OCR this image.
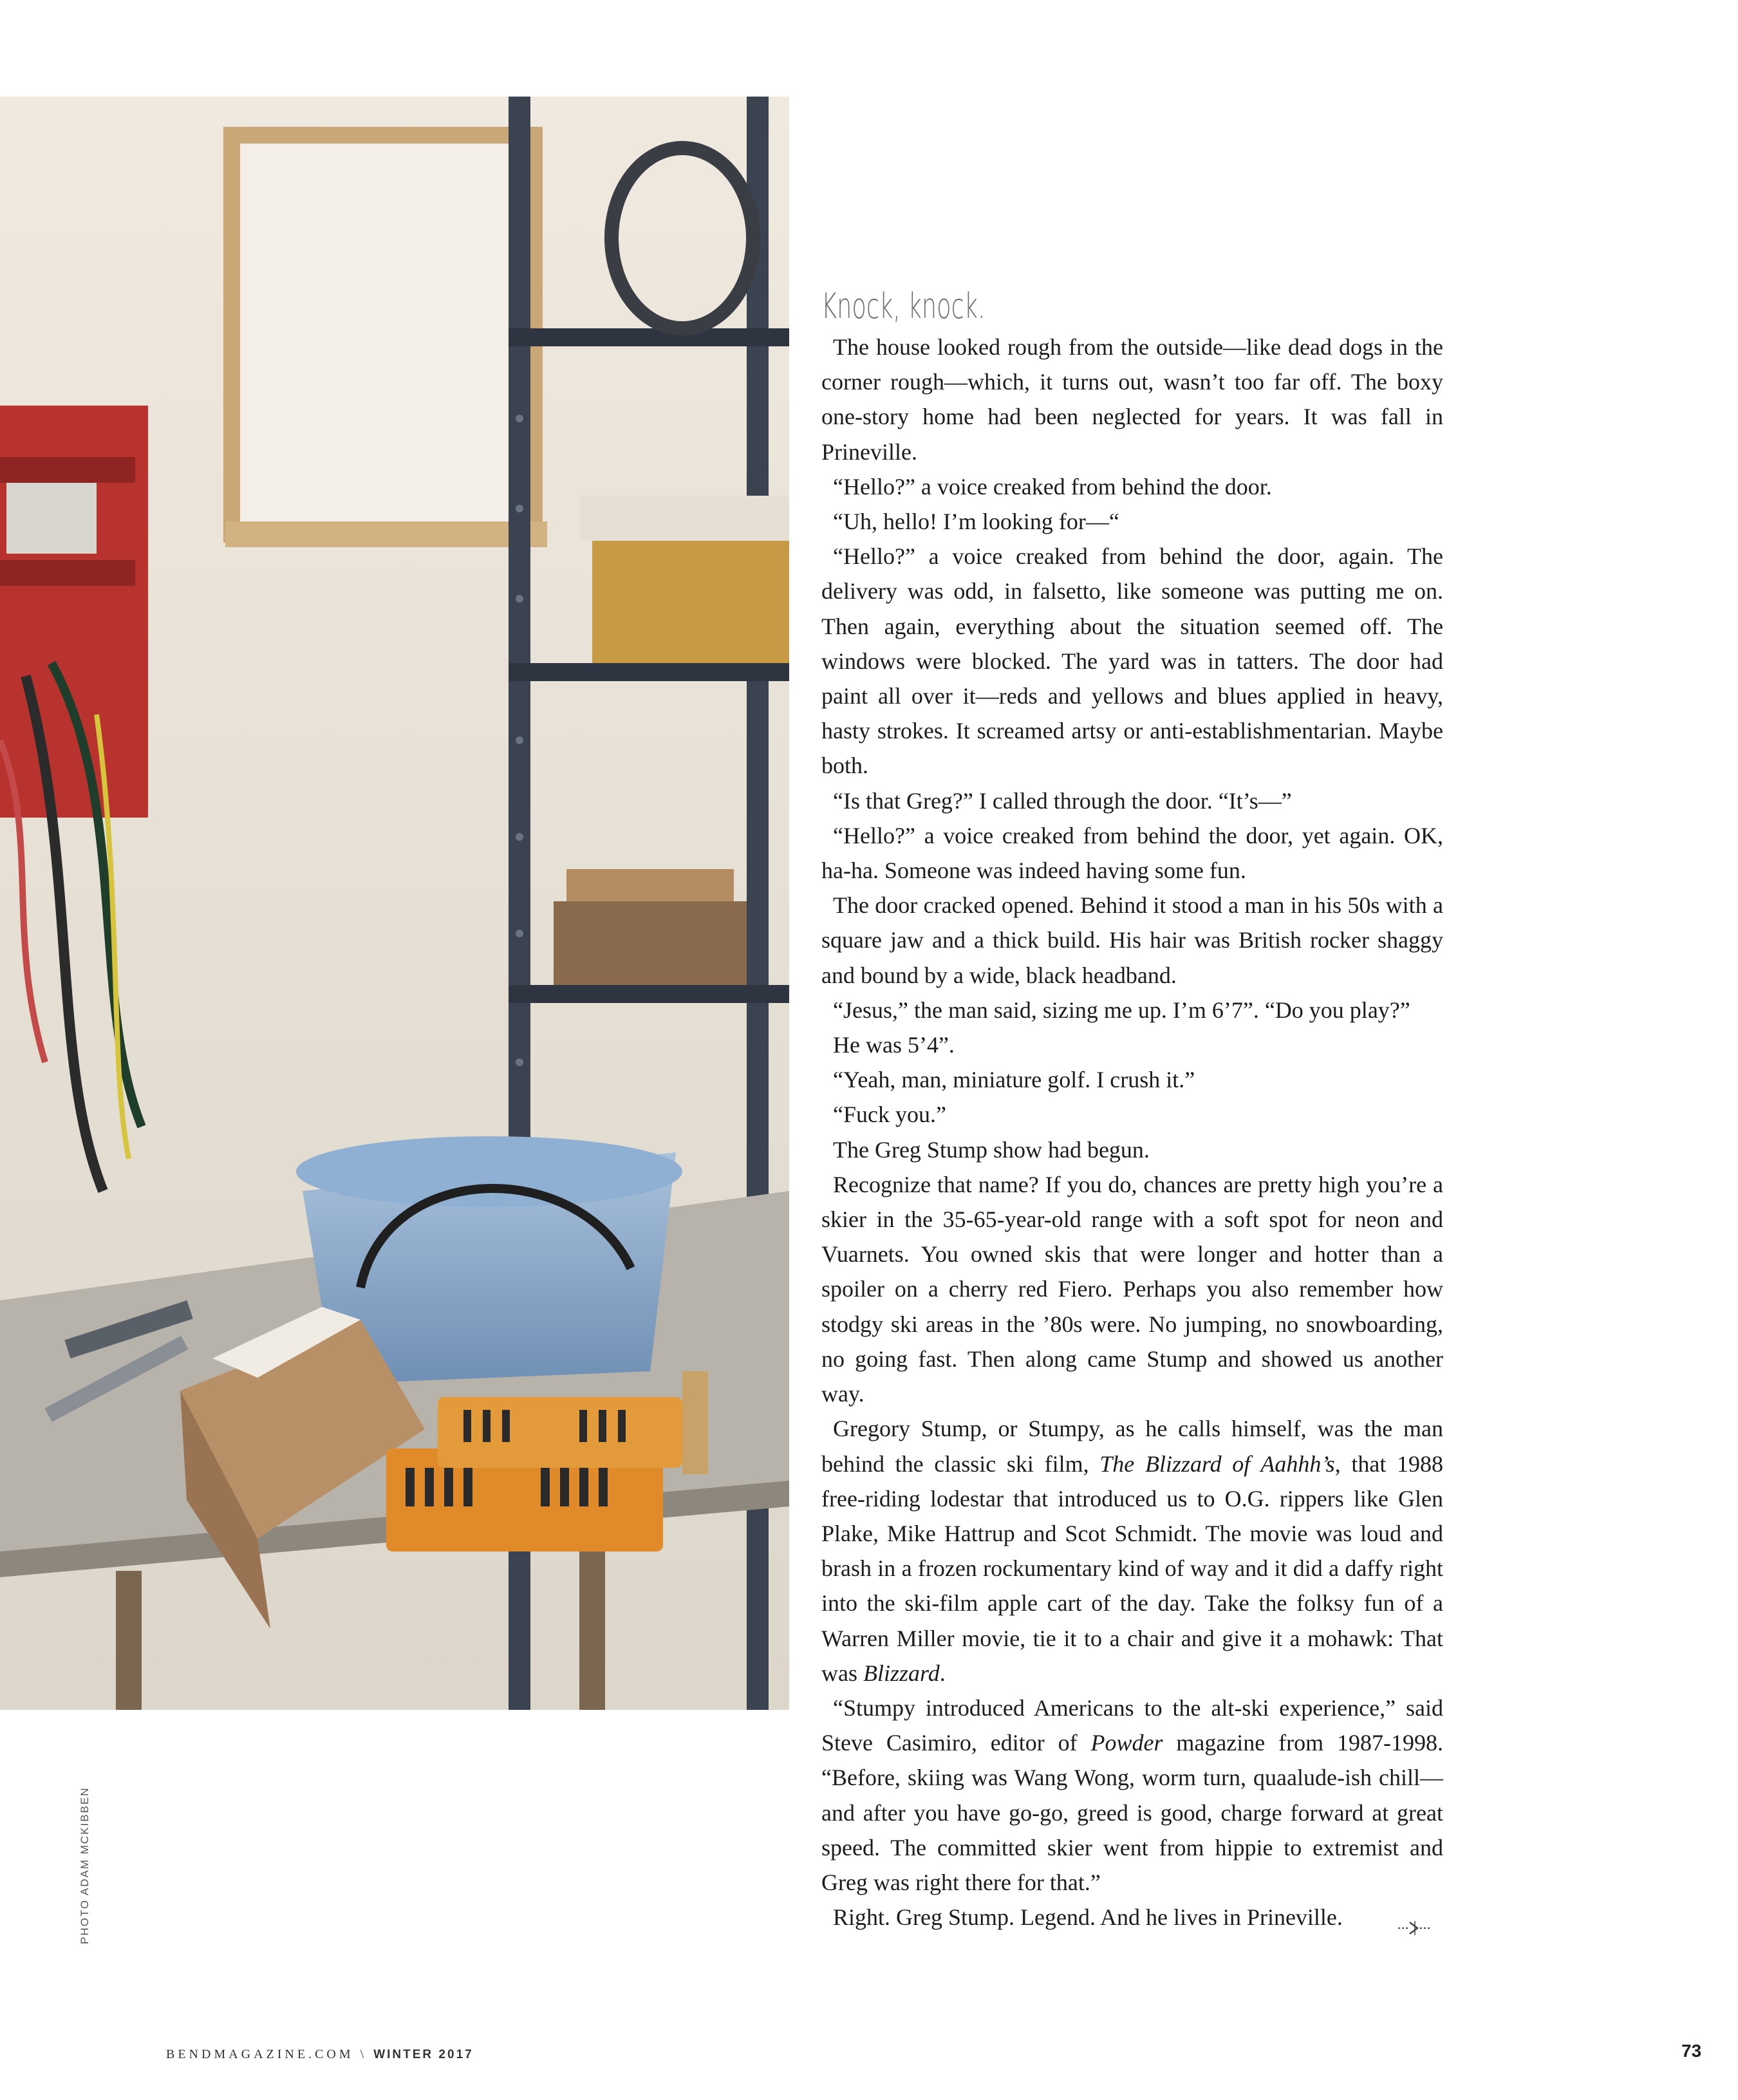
PHOTO ADAM MCKIBBEN
Knock, knock.

The house looked rough from the outside—like dead dogs in the corner rough—which, it turns out, wasn’t too far off. The boxy one-story home had been neglected for years. It was fall in Prineville.

“Hello?” a voice creaked from behind the door.

“Uh, hello! I’m looking for—“

“Hello?” a voice creaked from behind the door, again. The delivery was odd, in falsetto, like someone was putting me on. Then again, everything about the situation seemed off. The windows were blocked. The yard was in tatters. The door had paint all over it—reds and yellows and blues applied in heavy, hasty strokes. It screamed artsy or anti-establishmentarian. Maybe both.

“Is that Greg?” I called through the door. “It’s—”

“Hello?” a voice creaked from behind the door, yet again. OK, ha-ha. Someone was indeed having some fun.

The door cracked opened. Behind it stood a man in his 50s with a square jaw and a thick build. His hair was British rocker shaggy and bound by a wide, black headband.

“Jesus,” the man said, sizing me up. I’m 6’7”. “Do you play?”

He was 5’4”.

“Yeah, man, miniature golf. I crush it.”

“Fuck you.”

The Greg Stump show had begun.

Recognize that name? If you do, chances are pretty high you’re a skier in the 35-65-year-old range with a soft spot for neon and Vuarnets. You owned skis that were longer and hotter than a spoiler on a cherry red Fiero. Perhaps you also remember how stodgy ski areas in the ’80s were. No jumping, no snowboarding, no going fast. Then along came Stump and showed us another way.

Gregory Stump, or Stumpy, as he calls himself, was the man behind the classic ski film, The Blizzard of Aahhh’s, that 1988 free-riding lodestar that introduced us to O.G. rippers like Glen Plake, Mike Hattrup and Scot Schmidt. The movie was loud and brash in a frozen rockumentary kind of way and it did a daffy right into the ski-film apple cart of the day. Take the folksy fun of a Warren Miller movie, tie it to a chair and give it a mohawk: That was Blizzard.

“Stumpy introduced Americans to the alt-ski experience,” said Steve Casimiro, editor of Powder magazine from 1987-1998. “Before, skiing was Wang Wong, worm turn, quaalude-ish chill—and after you have go-go, greed is good, charge forward at great speed. The committed skier went from hippie to extremist and Greg was right there for that.”

Right. Greg Stump. Legend. And he lives in Prineville.

BENDMAGAZINE.COM \ WINTER 2017	73
